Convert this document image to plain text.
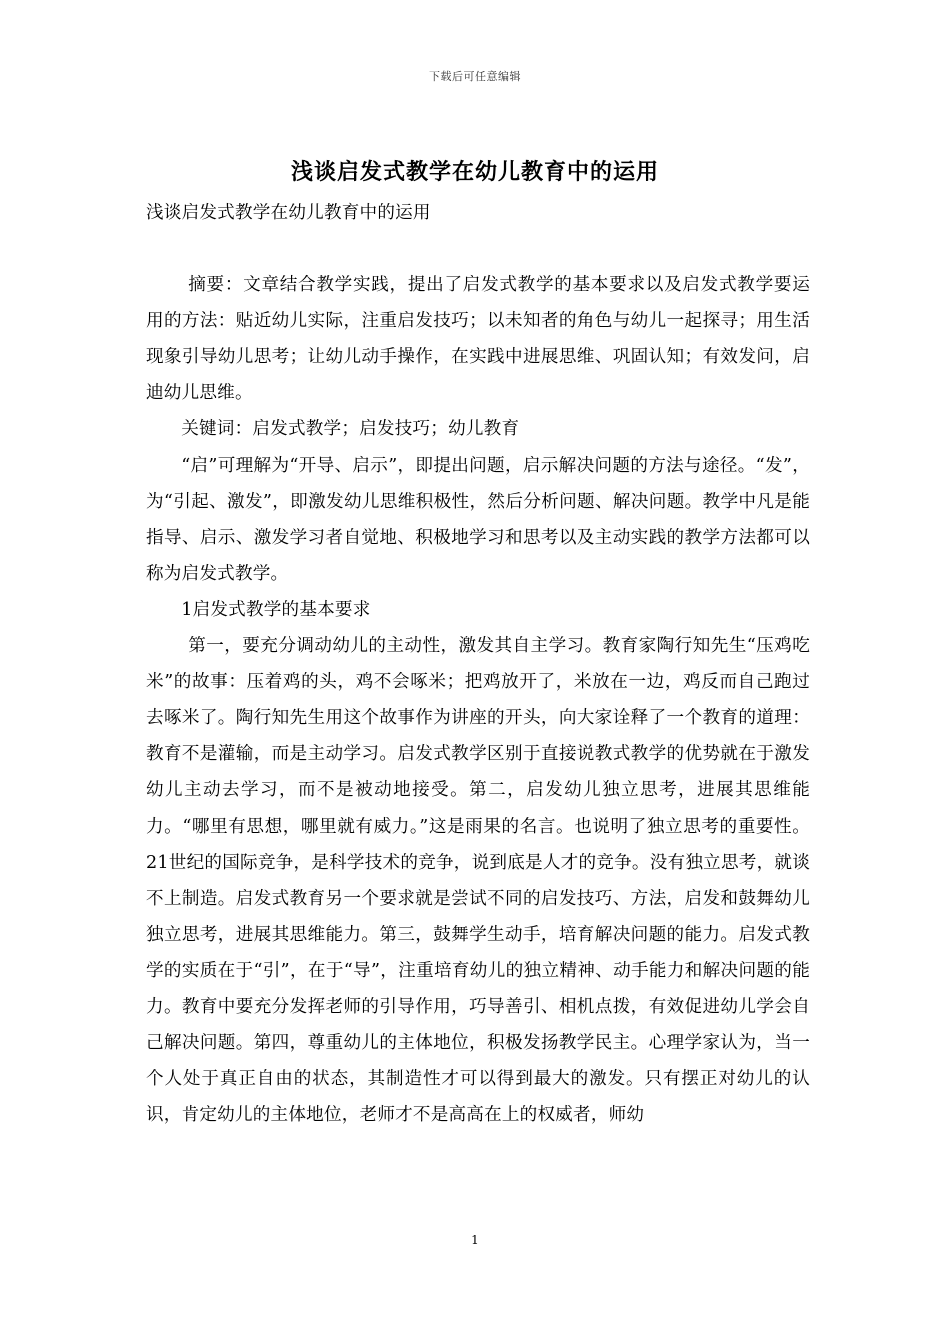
下载后可任意编辑
浅谈启发式教学在幼儿教育中的运用

浅谈启发式教学在幼儿教育中的运用

摘要：文章结合教学实践，提出了启发式教学的基本要求以及启发式教学要运用的方法：贴近幼儿实际，注重启发技巧；以未知者的角色与幼儿一起探寻；用生活现象引导幼儿思考；让幼儿动手操作，在实践中进展思维、巩固认知；有效发问，启迪幼儿思维。

关键词：启发式教学；启发技巧；幼儿教育

“启”可理解为“开导、启示”，即提出问题，启示解决问题的方法与途径。“发”，为“引起、激发”，即激发幼儿思维积极性，然后分析问题、解决问题。教学中凡是能指导、启示、激发学习者自觉地、积极地学习和思考以及主动实践的教学方法都可以称为启发式教学。

1启发式教学的基本要求

第一，要充分调动幼儿的主动性，激发其自主学习。教育家陶行知先生“压鸡吃米”的故事：压着鸡的头，鸡不会啄米；把鸡放开了，米放在一边，鸡反而自己跑过去啄米了。陶行知先生用这个故事作为讲座的开头，向大家诠释了一个教育的道理：教育不是灌输，而是主动学习。启发式教学区别于直接说教式教学的优势就在于激发幼儿主动去学习，而不是被动地接受。第二，启发幼儿独立思考，进展其思维能力。“哪里有思想，哪里就有威力。”这是雨果的名言。也说明了独立思考的重要性。21世纪的国际竞争，是科学技术的竞争，说到底是人才的竞争。没有独立思考，就谈不上制造。启发式教育另一个要求就是尝试不同的启发技巧、方法，启发和鼓舞幼儿独立思考，进展其思维能力。第三，鼓舞学生动手，培育解决问题的能力。启发式教学的实质在于“引”，在于“导”，注重培育幼儿的独立精神、动手能力和解决问题的能力。教育中要充分发挥老师的引导作用，巧导善引、相机点拨，有效促进幼儿学会自己解决问题。第四，尊重幼儿的主体地位，积极发扬教学民主。心理学家认为，当一个人处于真正自由的状态，其制造性才可以得到最大的激发。只有摆正对幼儿的认识，肯定幼儿的主体地位，老师才不是高高在上的权威者，师幼

1
